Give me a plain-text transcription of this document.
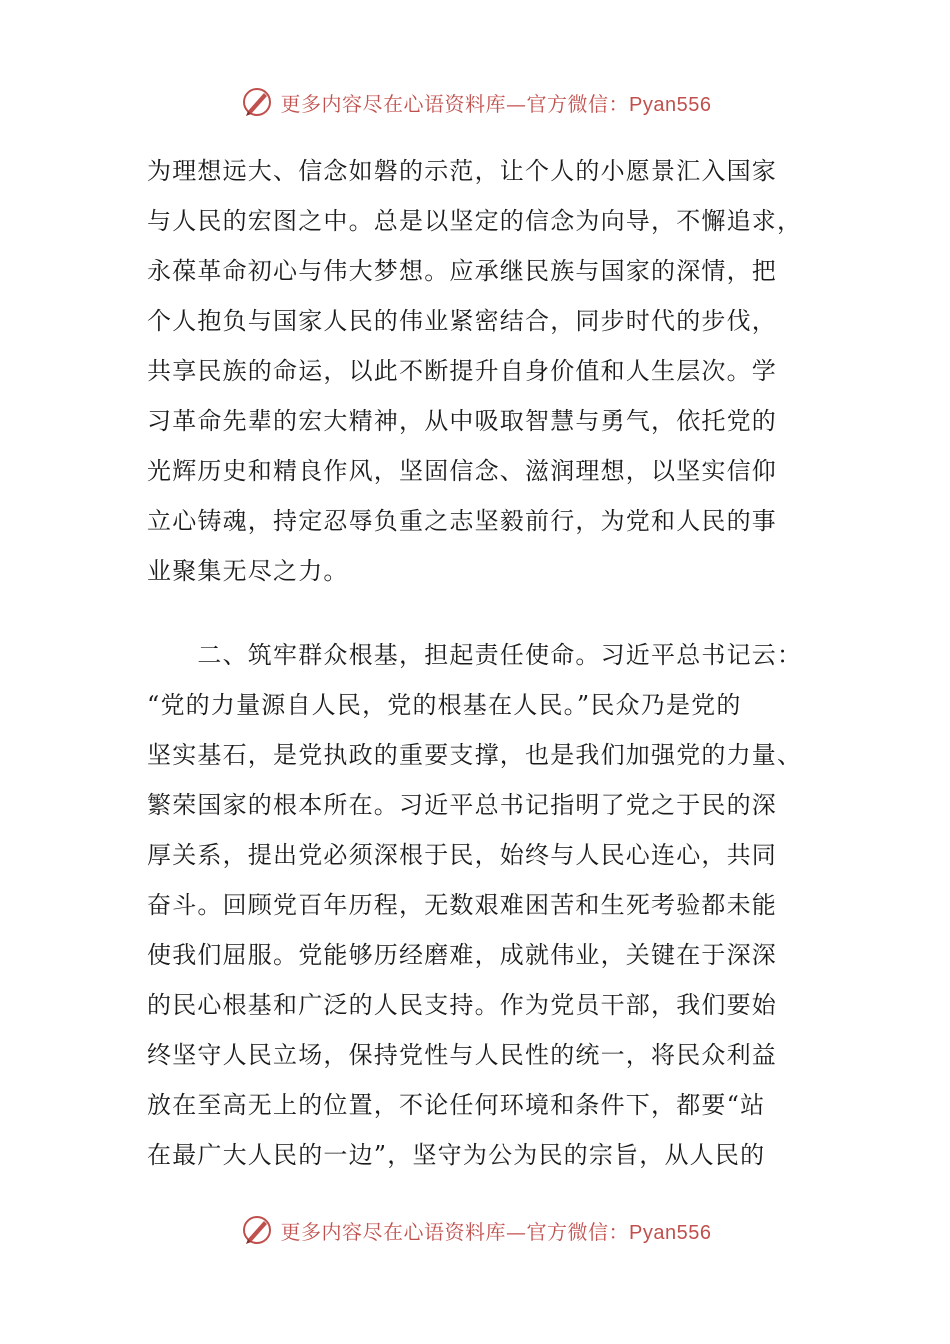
更多内容尽在心语资料库—官方微信：Pyan556

为理想远大、信念如磐的示范，让个人的小愿景汇入国家
与人民的宏图之中。总是以坚定的信念为向导，不懈追求，
永葆革命初心与伟大梦想。应承继民族与国家的深情，把
个人抱负与国家人民的伟业紧密结合，同步时代的步伐，
共享民族的命运，以此不断提升自身价值和人生层次。学
习革命先辈的宏大精神，从中吸取智慧与勇气，依托党的
光辉历史和精良作风，坚固信念、滋润理想，以坚实信仰
立心铸魂，持定忍辱负重之志坚毅前行，为党和人民的事
业聚集无尽之力。

　　二、筑牢群众根基，担起责任使命。习近平总书记云：
“党的力量源自人民，党的根基在人民。”民众乃是党的
坚实基石，是党执政的重要支撑，也是我们加强党的力量、
繁荣国家的根本所在。习近平总书记指明了党之于民的深
厚关系，提出党必须深根于民，始终与人民心连心，共同
奋斗。回顾党百年历程，无数艰难困苦和生死考验都未能
使我们屈服。党能够历经磨难，成就伟业，关键在于深深
的民心根基和广泛的人民支持。作为党员干部，我们要始
终坚守人民立场，保持党性与人民性的统一，将民众利益
放在至高无上的位置，不论任何环境和条件下，都要“站
在最广大人民的一边”，坚守为公为民的宗旨，从人民的

更多内容尽在心语资料库—官方微信：Pyan556
